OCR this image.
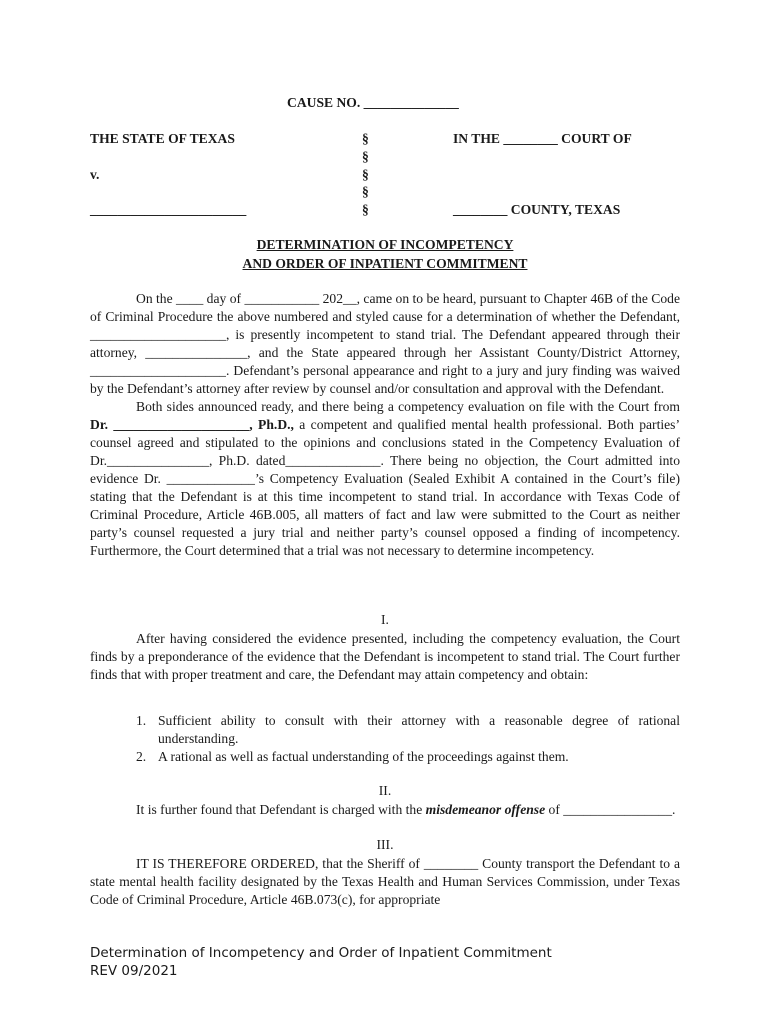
CAUSE NO. ______________
THE STATE OF TEXAS
v.
_______________________
§
§
§
§
§
IN THE ________ COURT OF
________ COUNTY, TEXAS
DETERMINATION OF INCOMPETENCY
AND ORDER OF INPATIENT COMMITMENT

On the ____ day of ___________ 202__, came on to be heard, pursuant to Chapter 46B of the Code of Criminal Procedure the above numbered and styled cause for a determination of whether the Defendant, ____________________, is presently incompetent to stand trial. The Defendant appeared through their attorney, _______________, and the State appeared through her Assistant County/District Attorney, ____________________. Defendant’s personal appearance and right to a jury and jury finding was waived by the Defendant’s attorney after review by counsel and/or consultation and approval with the Defendant.

Both sides announced ready, and there being a competency evaluation on file with the Court from Dr. ____________________, Ph.D., a competent and qualified mental health professional. Both parties’ counsel agreed and stipulated to the opinions and conclusions stated in the Competency Evaluation of Dr._______________, Ph.D. dated______________. There being no objection, the Court admitted into evidence Dr. _____________’s Competency Evaluation (Sealed Exhibit A contained in the Court’s file) stating that the Defendant is at this time incompetent to stand trial. In accordance with Texas Code of Criminal Procedure, Article 46B.005, all matters of fact and law were submitted to the Court as neither party’s counsel requested a jury trial and neither party’s counsel opposed a finding of incompetency. Furthermore, the Court determined that a trial was not necessary to determine incompetency.

I.

After having considered the evidence presented, including the competency evaluation, the Court finds by a preponderance of the evidence that the Defendant is incompetent to stand trial. The Court further finds that with proper treatment and care, the Defendant may attain competency and obtain:

1. Sufficient ability to consult with their attorney with a reasonable degree of rational understanding.
2. A rational as well as factual understanding of the proceedings against them.
II.

It is further found that Defendant is charged with the misdemeanor offense of ________________.

III.

IT IS THEREFORE ORDERED, that the Sheriff of ________ County transport the Defendant to a state mental health facility designated by the Texas Health and Human Services Commission, under Texas Code of Criminal Procedure, Article 46B.073(c), for appropriate

Determination of Incompetency and Order of Inpatient Commitment
REV 09/2021
